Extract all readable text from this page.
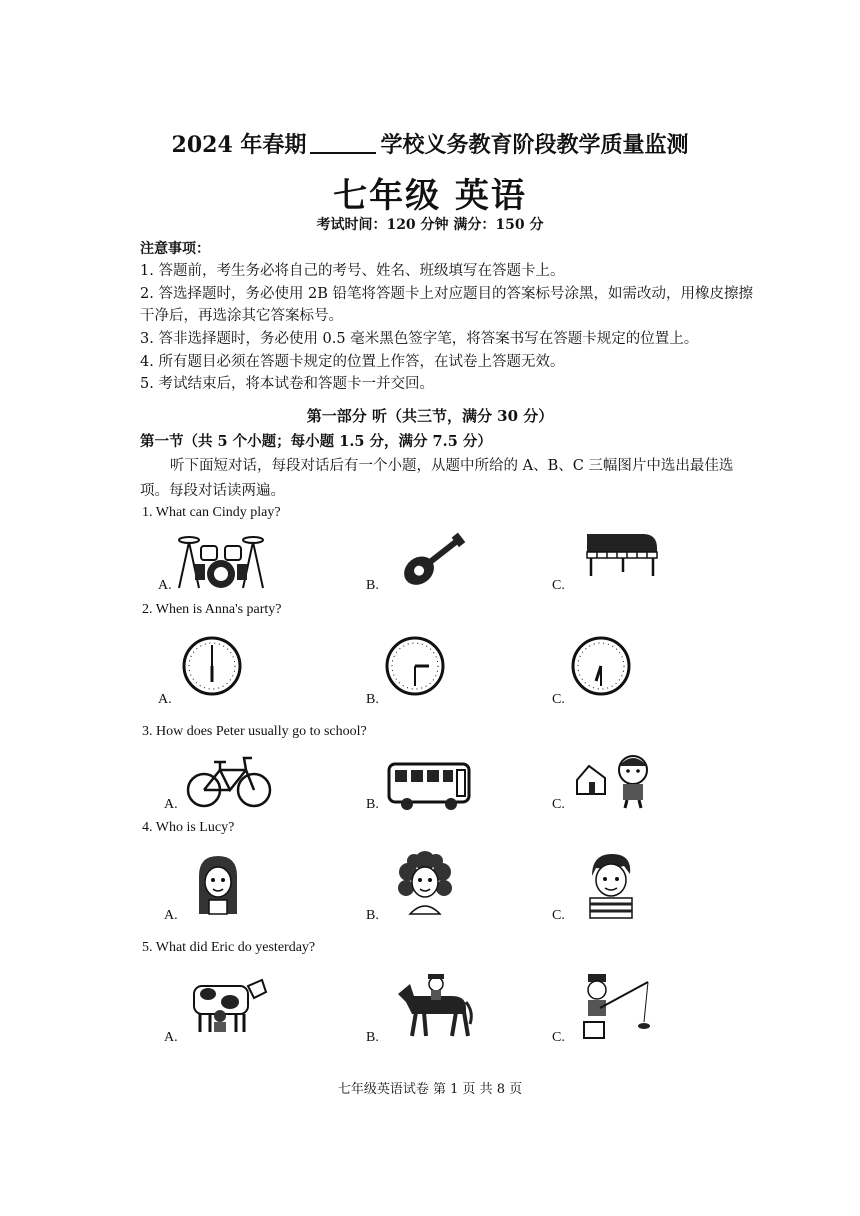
2024 年春期	学校义务教育阶段教学质量监测
七年级 英语
考试时间：120 分钟 满分：150 分
注意事项：
1. 答题前，考生务必将自己的考号、姓名、班级填写在答题卡上。
2. 答选择题时，务必使用 2B 铅笔将答题卡上对应题目的答案标号涂黑，如需改动，用橡皮擦擦干净后，再选涂其它答案标号。
3. 答非选择题时，务必使用 0.5 毫米黑色签字笔，将答案书写在答题卡规定的位置上。
4. 所有题目必须在答题卡规定的位置上作答，在试卷上答题无效。
5. 考试结束后，将本试卷和答题卡一并交回。
第一部分 听（共三节，满分 30 分）
第一节（共 5 个小题；每小题 1.5 分，满分 7.5 分）
听下面短对话，每段对话后有一个小题，从题中所给的 A、B、C 三幅图片中选出最佳选项。每段对话读两遍。
1. What can Cindy play?
A.	B.	C.
2. When is Anna's party?
A.	B.	C.
3. How does Peter usually go to school?
A.	B.	C.
4. Who is Lucy?
A.	B.	C.
5. What did Eric do yesterday?
A.	B.	C.
七年级英语试卷 第 1 页 共 8 页
